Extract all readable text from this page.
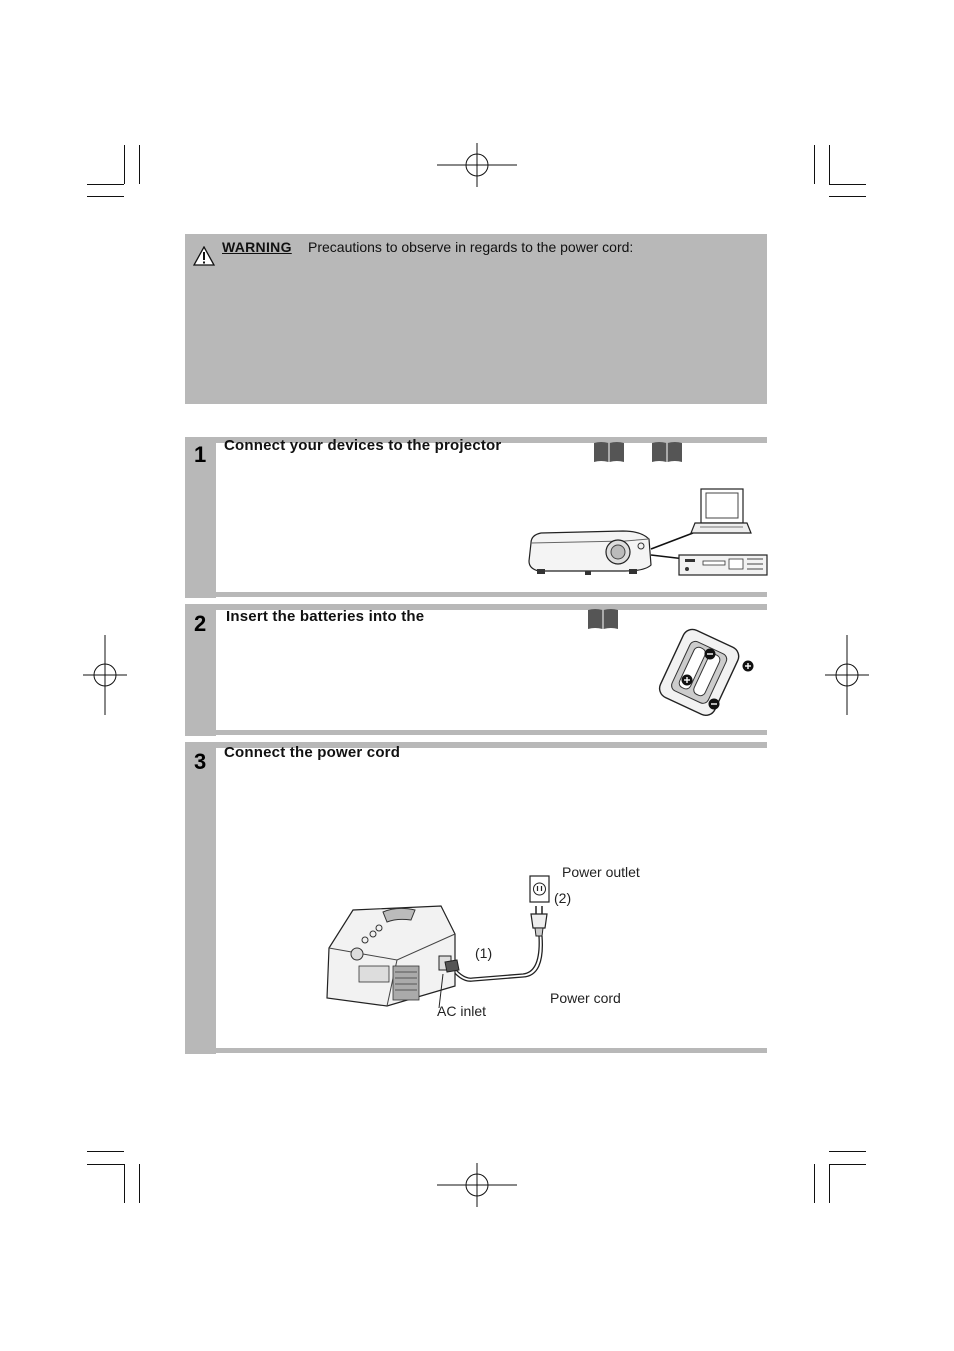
WARNING Precautions to observe in regards to the power cord:
1 Connect your devices to the projector
2 Insert the batteries into the
3 Connect the power cord
Power outlet
(2)
(1)
Power cord
AC inlet
